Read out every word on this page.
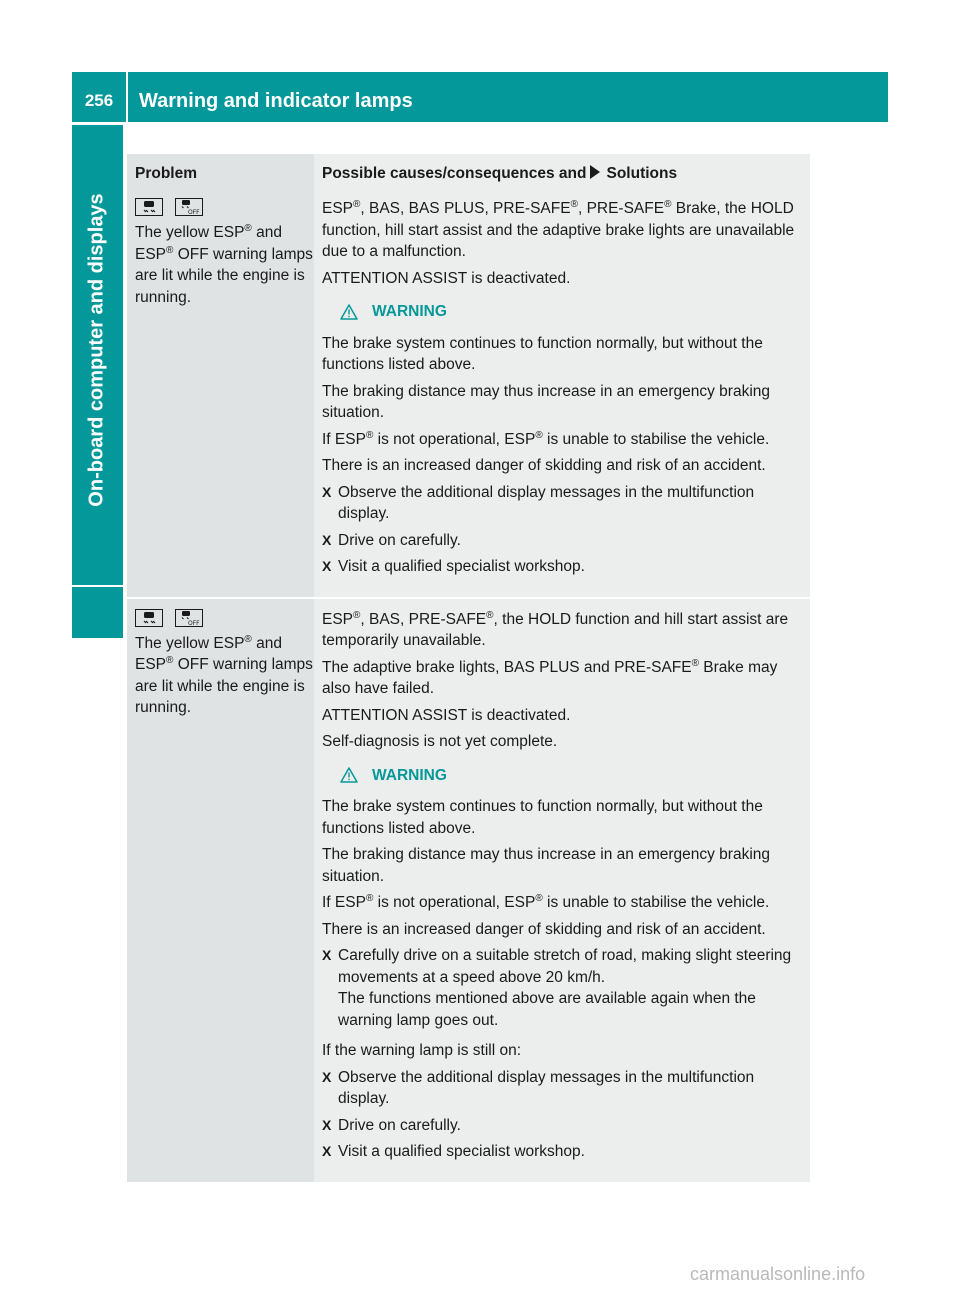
256	Warning and indicator lamps
On-board computer and displays
Problem	Possible causes/consequences and Solutions
OFF
The yellow ESP® and
ESP® OFF warning lamps are lit while the engine is running.

ESP®, BAS, BAS PLUS, PRE-SAFE®, PRE-SAFE® Brake, the HOLD function, hill start assist and the adaptive brake lights are unavailable due to a malfunction.

ATTENTION ASSIST is deactivated.

WARNING

The brake system continues to function normally, but without the functions listed above.

The braking distance may thus increase in an emergency braking situation.

If ESP® is not operational, ESP® is unable to stabilise the vehicle.

There is an increased danger of skidding and risk of an accident.

X Observe the additional display messages in the multifunction display.
X Drive on carefully.
X Visit a qualified specialist workshop.
OFF
The yellow ESP® and
ESP® OFF warning lamps are lit while the engine is running.

ESP®, BAS, PRE-SAFE®, the HOLD function and hill start assist are temporarily unavailable.

The adaptive brake lights, BAS PLUS and PRE-SAFE® Brake may also have failed.

ATTENTION ASSIST is deactivated.

Self-diagnosis is not yet complete.

WARNING

The brake system continues to function normally, but without the functions listed above.

The braking distance may thus increase in an emergency braking situation.

If ESP® is not operational, ESP® is unable to stabilise the vehicle.

There is an increased danger of skidding and risk of an accident.

X Carefully drive on a suitable stretch of road, making slight steering movements at a speed above 20 km/h.
The functions mentioned above are available again when the warning lamp goes out.

If the warning lamp is still on:

X Observe the additional display messages in the multifunction display.
X Drive on carefully.
X Visit a qualified specialist workshop.
carmanualsonline.info
